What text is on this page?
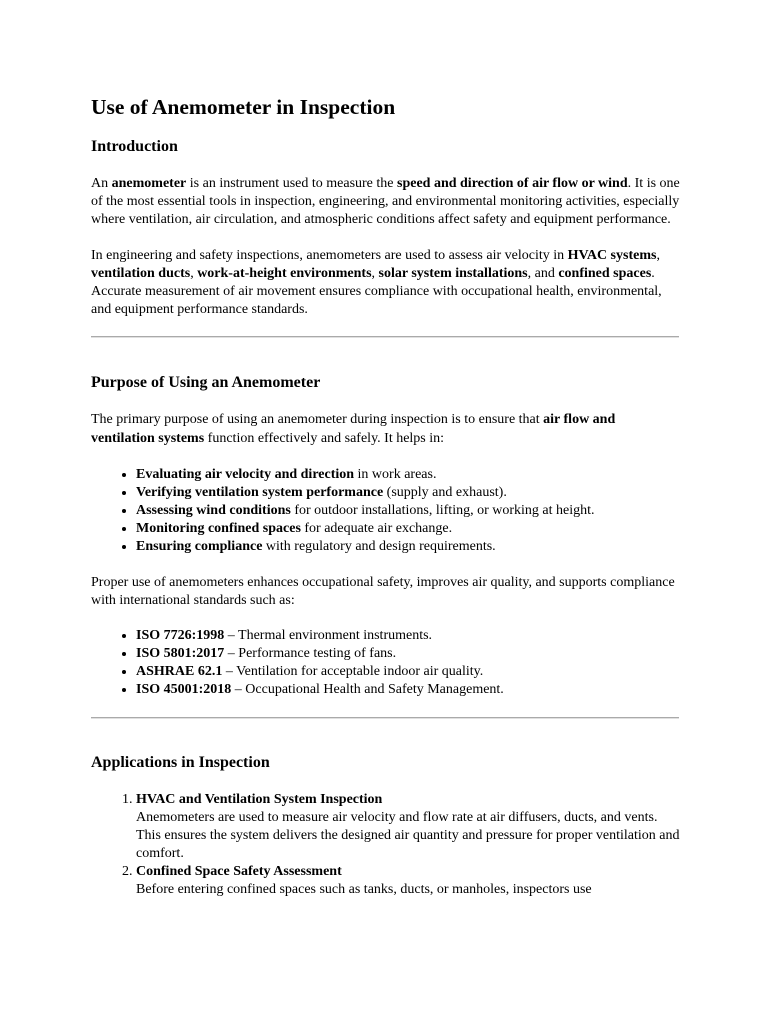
Use of Anemometer in Inspection
Introduction

An anemometer is an instrument used to measure the speed and direction of air flow or wind. It is one of the most essential tools in inspection, engineering, and environmental monitoring activities, especially where ventilation, air circulation, and atmospheric conditions affect safety and equipment performance.

In engineering and safety inspections, anemometers are used to assess air velocity in HVAC systems, ventilation ducts, work-at-height environments, solar system installations, and confined spaces. Accurate measurement of air movement ensures compliance with occupational health, environmental, and equipment performance standards.

Purpose of Using an Anemometer

The primary purpose of using an anemometer during inspection is to ensure that air flow and ventilation systems function effectively and safely. It helps in:

• Evaluating air velocity and direction in work areas.
• Verifying ventilation system performance (supply and exhaust).
• Assessing wind conditions for outdoor installations, lifting, or working at height.
• Monitoring confined spaces for adequate air exchange.
• Ensuring compliance with regulatory and design requirements.

Proper use of anemometers enhances occupational safety, improves air quality, and supports compliance with international standards such as:

• ISO 7726:1998 – Thermal environment instruments.
• ISO 5801:2017 – Performance testing of fans.
• ASHRAE 62.1 – Ventilation for acceptable indoor air quality.
• ISO 45001:2018 – Occupational Health and Safety Management.
Applications in Inspection
1. HVAC and Ventilation System Inspection
Anemometers are used to measure air velocity and flow rate at air diffusers, ducts, and vents. This ensures the system delivers the designed air quantity and pressure for proper ventilation and comfort.
2. Confined Space Safety Assessment
Before entering confined spaces such as tanks, ducts, or manholes, inspectors use
